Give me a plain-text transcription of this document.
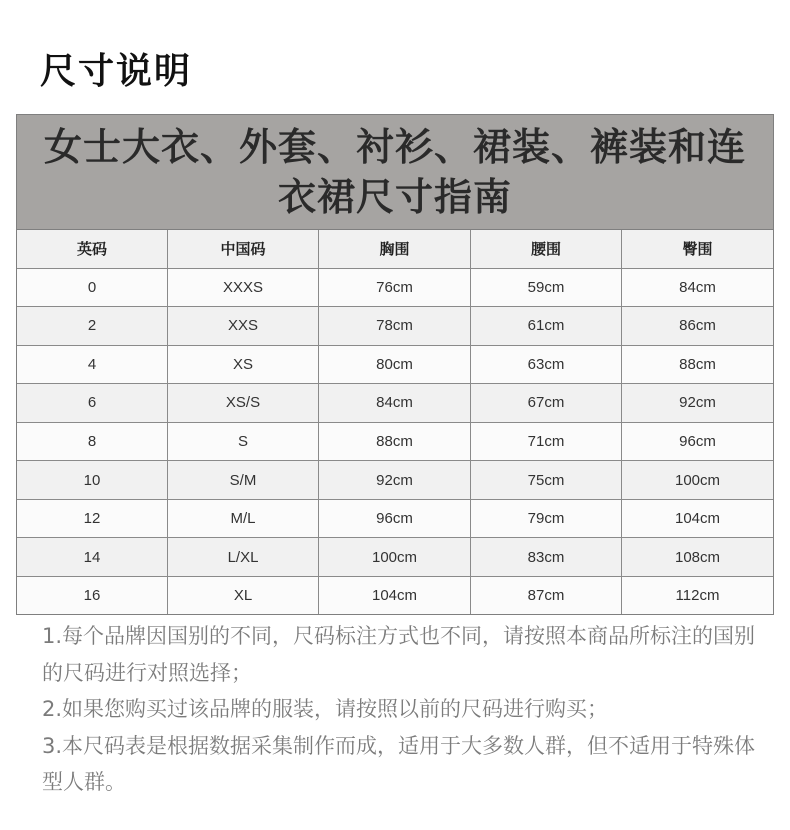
尺寸说明
女士大衣、外套、衬衫、裙装、裤装和连衣裙尺寸指南
英码	中国码	胸围	腰围	臀围
0	XXXS	76cm	59cm	84cm
2	XXS	78cm	61cm	86cm
4	XS	80cm	63cm	88cm
6	XS/S	84cm	67cm	92cm
8	S	88cm	71cm	96cm
10	S/M	92cm	75cm	100cm
12	M/L	96cm	79cm	104cm
14	L/XL	100cm	83cm	108cm
16	XL	104cm	87cm	112cm

1.每个品牌因国别的不同，尺码标注方式也不同，请按照本商品所标注的国别的尺码进行对照选择；

2.如果您购买过该品牌的服装，请按照以前的尺码进行购买；

3.本尺码表是根据数据采集制作而成，适用于大多数人群，但不适用于特殊体型人群。
